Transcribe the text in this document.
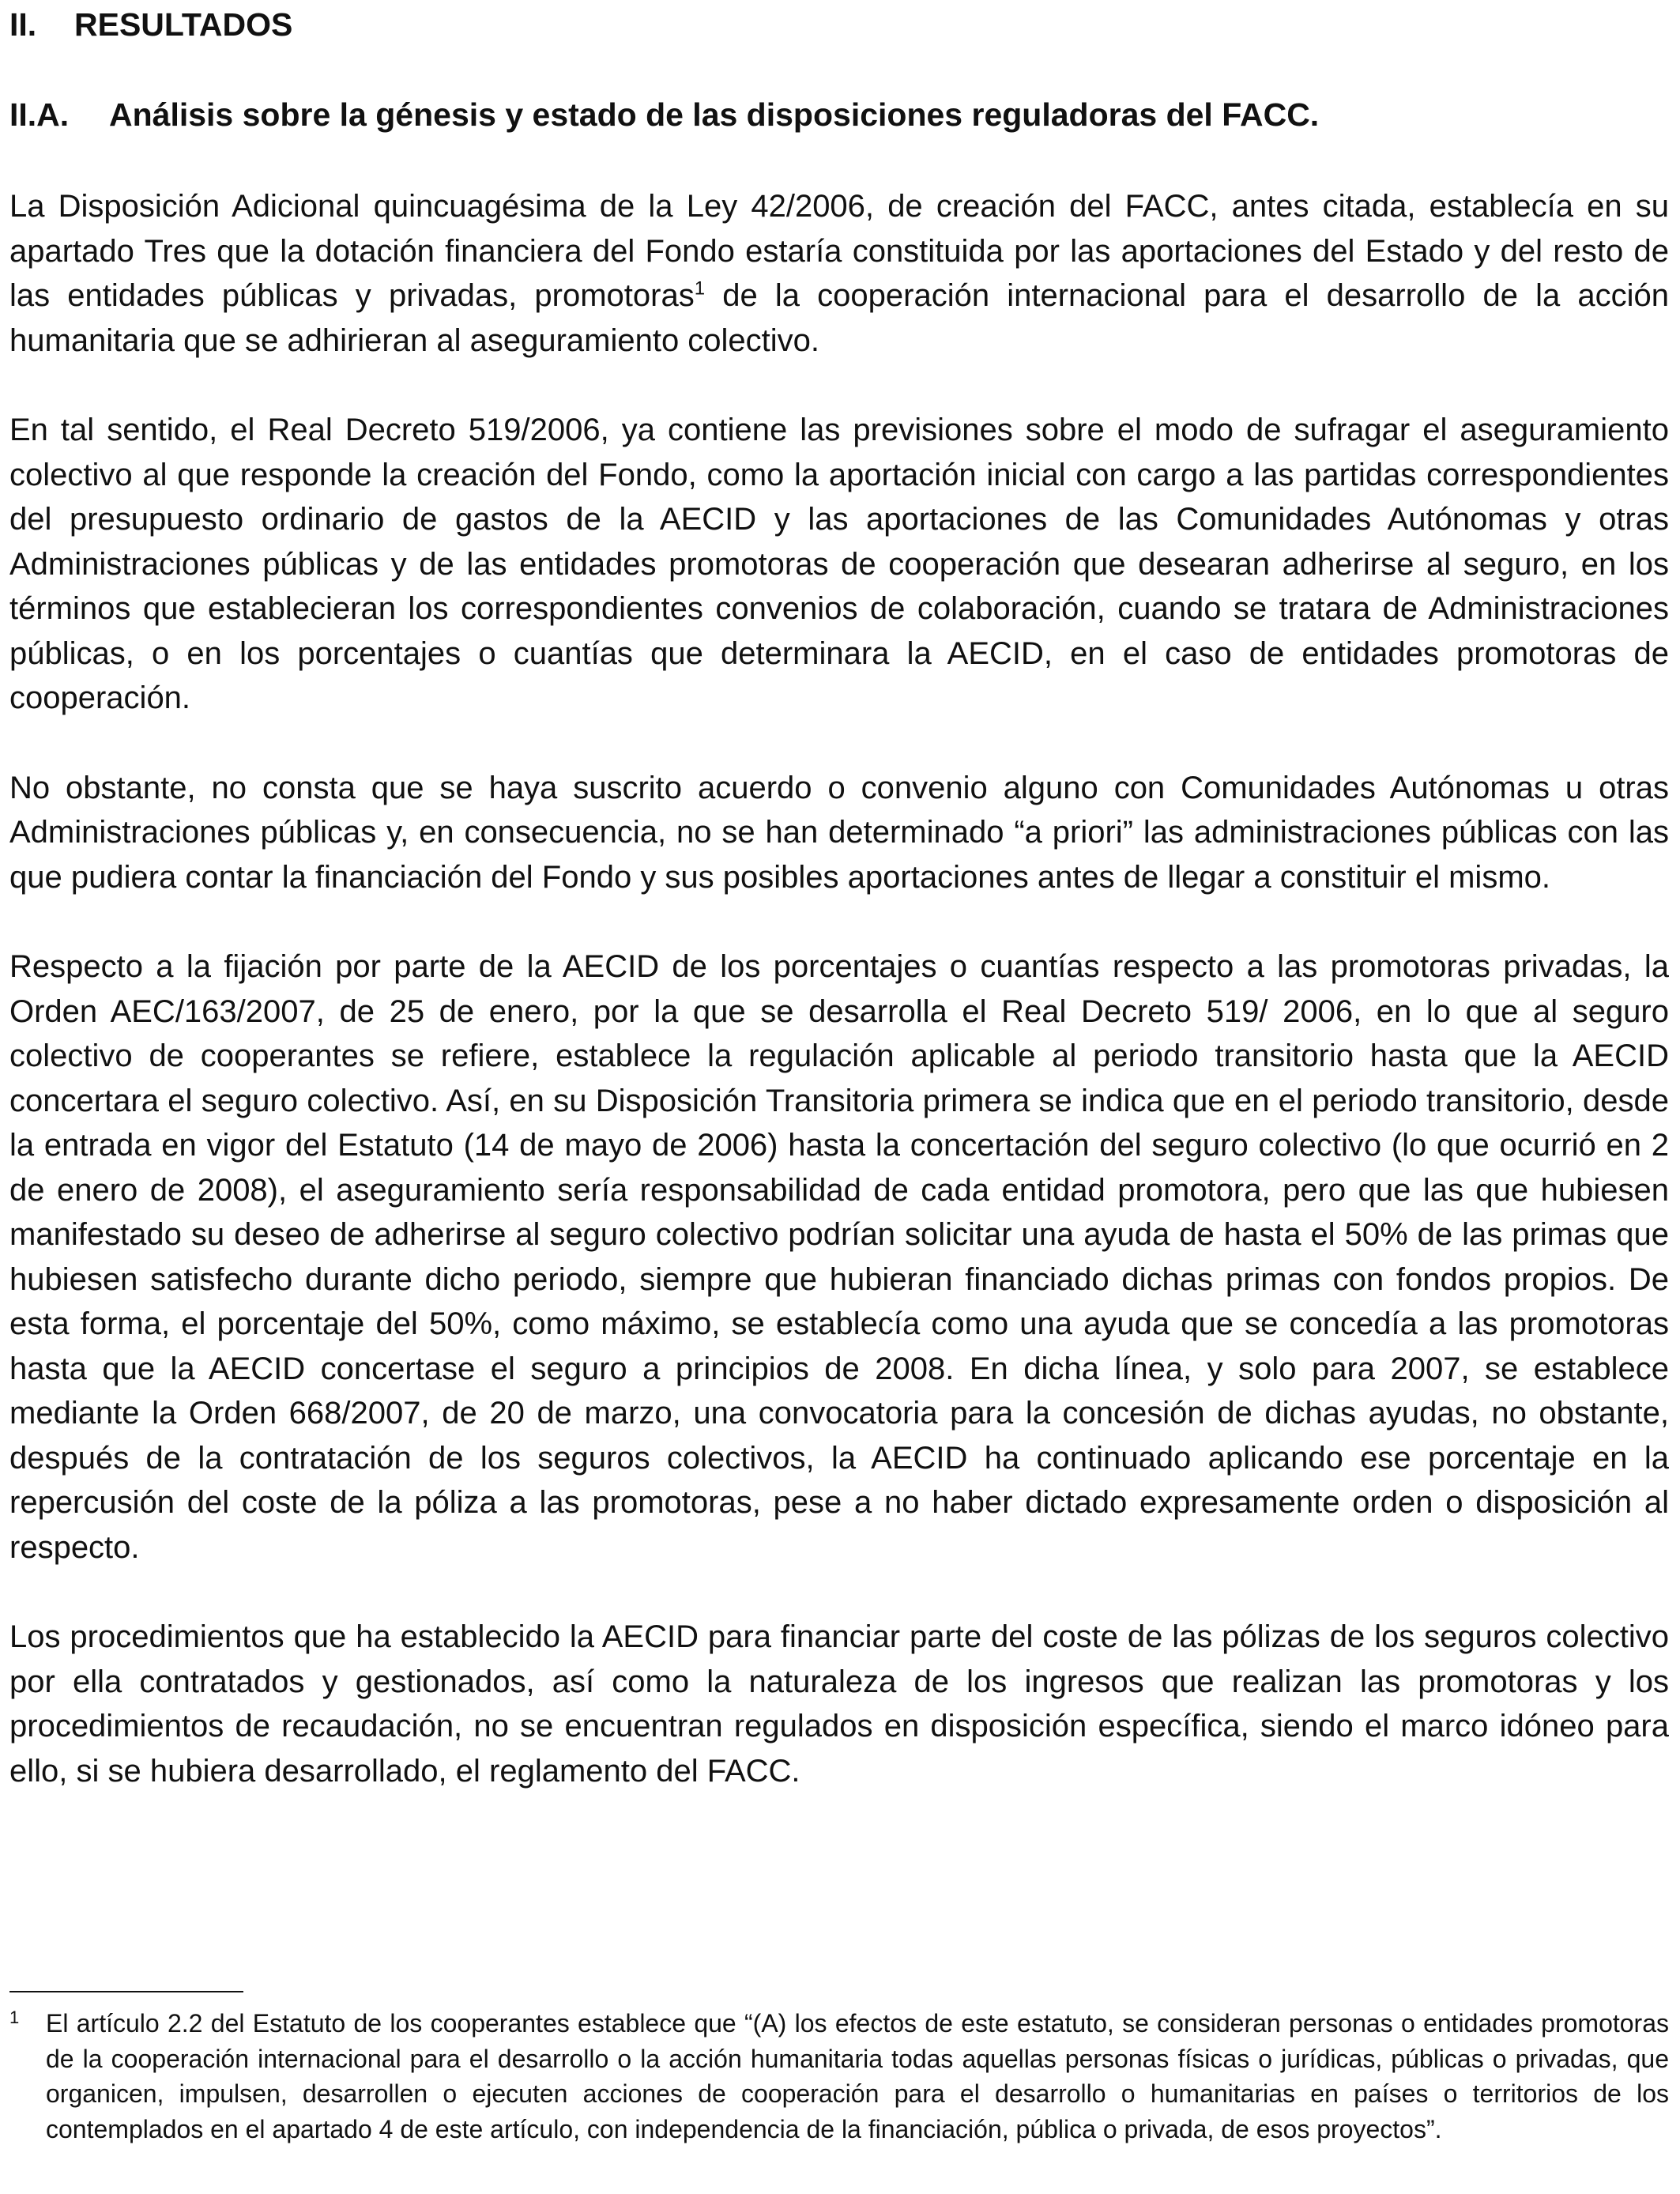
II.	RESULTADOS
II.A.	Análisis sobre la génesis y estado de las disposiciones reguladoras del FACC.

La Disposición Adicional quincuagésima de la Ley 42/2006, de creación del FACC, antes citada, establecía en su apartado Tres que la dotación financiera del Fondo estaría constituida por las aportaciones del Estado y del resto de las entidades públicas y privadas, promotoras$^1$ de la cooperación internacional para el desarrollo de la acción humanitaria que se adhirieran al aseguramiento colectivo.

En tal sentido, el Real Decreto 519/2006, ya contiene las previsiones sobre el modo de sufragar el aseguramiento colectivo al que responde la creación del Fondo, como la aportación inicial con cargo a las partidas correspondientes del presupuesto ordinario de gastos de la AECID y las aportaciones de las Comunidades Autónomas y otras Administraciones públicas y de las entidades promotoras de cooperación que desearan adherirse al seguro, en los términos que establecieran los correspondientes convenios de colaboración, cuando se tratara de Administraciones públicas, o en los porcentajes o cuantías que determinara la AECID, en el caso de entidades promotoras de cooperación.

No obstante, no consta que se haya suscrito acuerdo o convenio alguno con Comunidades Autónomas u otras Administraciones públicas y, en consecuencia, no se han determinado “a priori” las administraciones públicas con las que pudiera contar la financiación del Fondo y sus posibles aportaciones antes de llegar a constituir el mismo.

Respecto a la fijación por parte de la AECID de los porcentajes o cuantías respecto a las promotoras privadas, la Orden AEC/163/2007, de 25 de enero, por la que se desarrolla el Real Decreto 519/ 2006, en lo que al seguro colectivo de cooperantes se refiere, establece la regulación aplicable al periodo transitorio hasta que la AECID concertara el seguro colectivo. Así, en su Disposición Transitoria primera se indica que en el periodo transitorio, desde la entrada en vigor del Estatuto (14 de mayo de 2006) hasta la concertación del seguro colectivo (lo que ocurrió en 2 de enero de 2008), el aseguramiento sería responsabilidad de cada entidad promotora, pero que las que hubiesen manifestado su deseo de adherirse al seguro colectivo podrían solicitar una ayuda de hasta el 50% de las primas que hubiesen satisfecho durante dicho periodo, siempre que hubieran financiado dichas primas con fondos propios. De esta forma, el porcentaje del 50%, como máximo, se establecía como una ayuda que se concedía a las promotoras hasta que la AECID concertase el seguro a principios de 2008. En dicha línea, y solo para 2007, se establece mediante la Orden 668/2007, de 20 de marzo, una convocatoria para la concesión de dichas ayudas, no obstante, después de la contratación de los seguros colectivos, la AECID ha continuado aplicando ese porcentaje en la repercusión del coste de la póliza a las promotoras, pese a no haber dictado expresamente orden o disposición al respecto.

Los procedimientos que ha establecido la AECID para financiar parte del coste de las pólizas de los seguros colectivo por ella contratados y gestionados, así como la naturaleza de los ingresos que realizan las promotoras y los procedimientos de recaudación, no se encuentran regulados en disposición específica, siendo el marco idóneo para ello, si se hubiera desarrollado, el reglamento del FACC.

1	El artículo 2.2 del Estatuto de los cooperantes establece que “(A) los efectos de este estatuto, se consideran personas o entidades promotoras de la cooperación internacional para el desarrollo o la acción humanitaria todas aquellas personas físicas o jurídicas, públicas o privadas, que organicen, impulsen, desarrollen o ejecuten acciones de cooperación para el desarrollo o humanitarias en países o territorios de los contemplados en el apartado 4 de este artículo, con independencia de la financiación, pública o privada, de esos proyectos”.
